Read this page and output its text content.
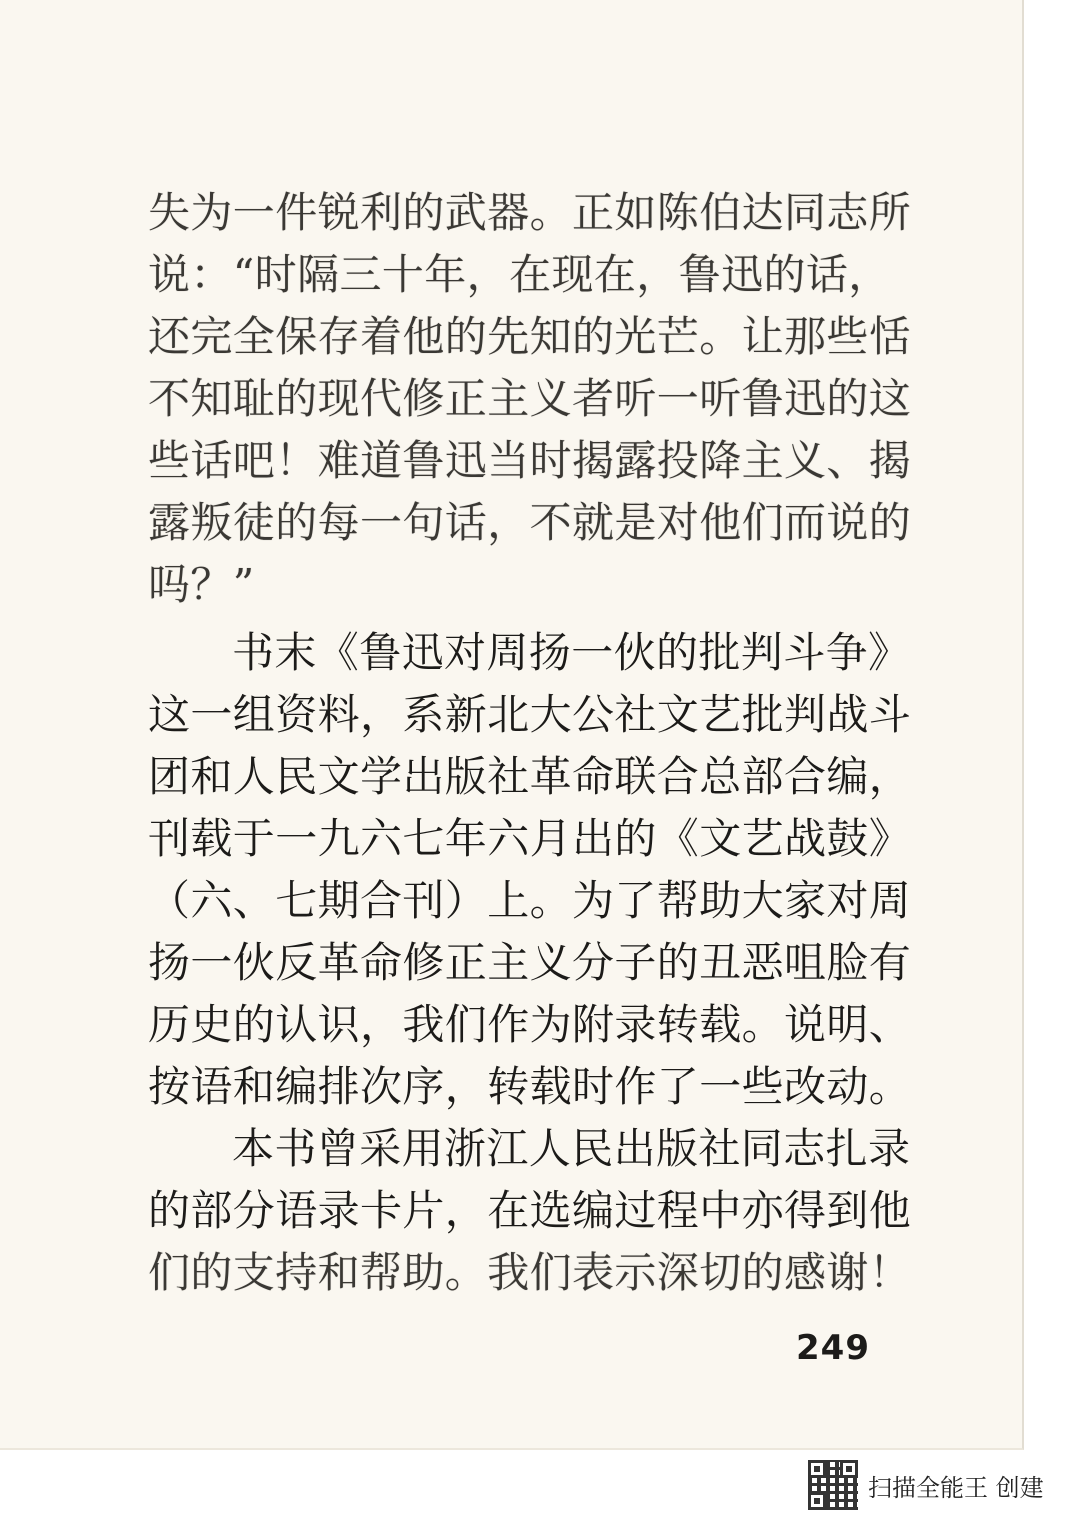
失为一件锐利的武器。正如陈伯达同志所
说：“时隔三十年，在现在，鲁迅的话，
还完全保存着他的先知的光芒。让那些恬
不知耻的现代修正主义者听一听鲁迅的这
些话吧！难道鲁迅当时揭露投降主义、揭
露叛徒的每一句话，不就是对他们而说的
吗？”
书末《鲁迅对周扬一伙的批判斗争》
这一组资料，系新北大公社文艺批判战斗
团和人民文学出版社革命联合总部合编，
刊载于一九六七年六月出的《文艺战鼓》
（六、七期合刊）上。为了帮助大家对周
扬一伙反革命修正主义分子的丑恶咀脸有
历史的认识，我们作为附录转载。说明、
按语和编排次序，转载时作了一些改动。
本书曾采用浙江人民出版社同志扎录
的部分语录卡片，在选编过程中亦得到他
们的支持和帮助。我们表示深切的感谢！
249
扫描全能王 创建
